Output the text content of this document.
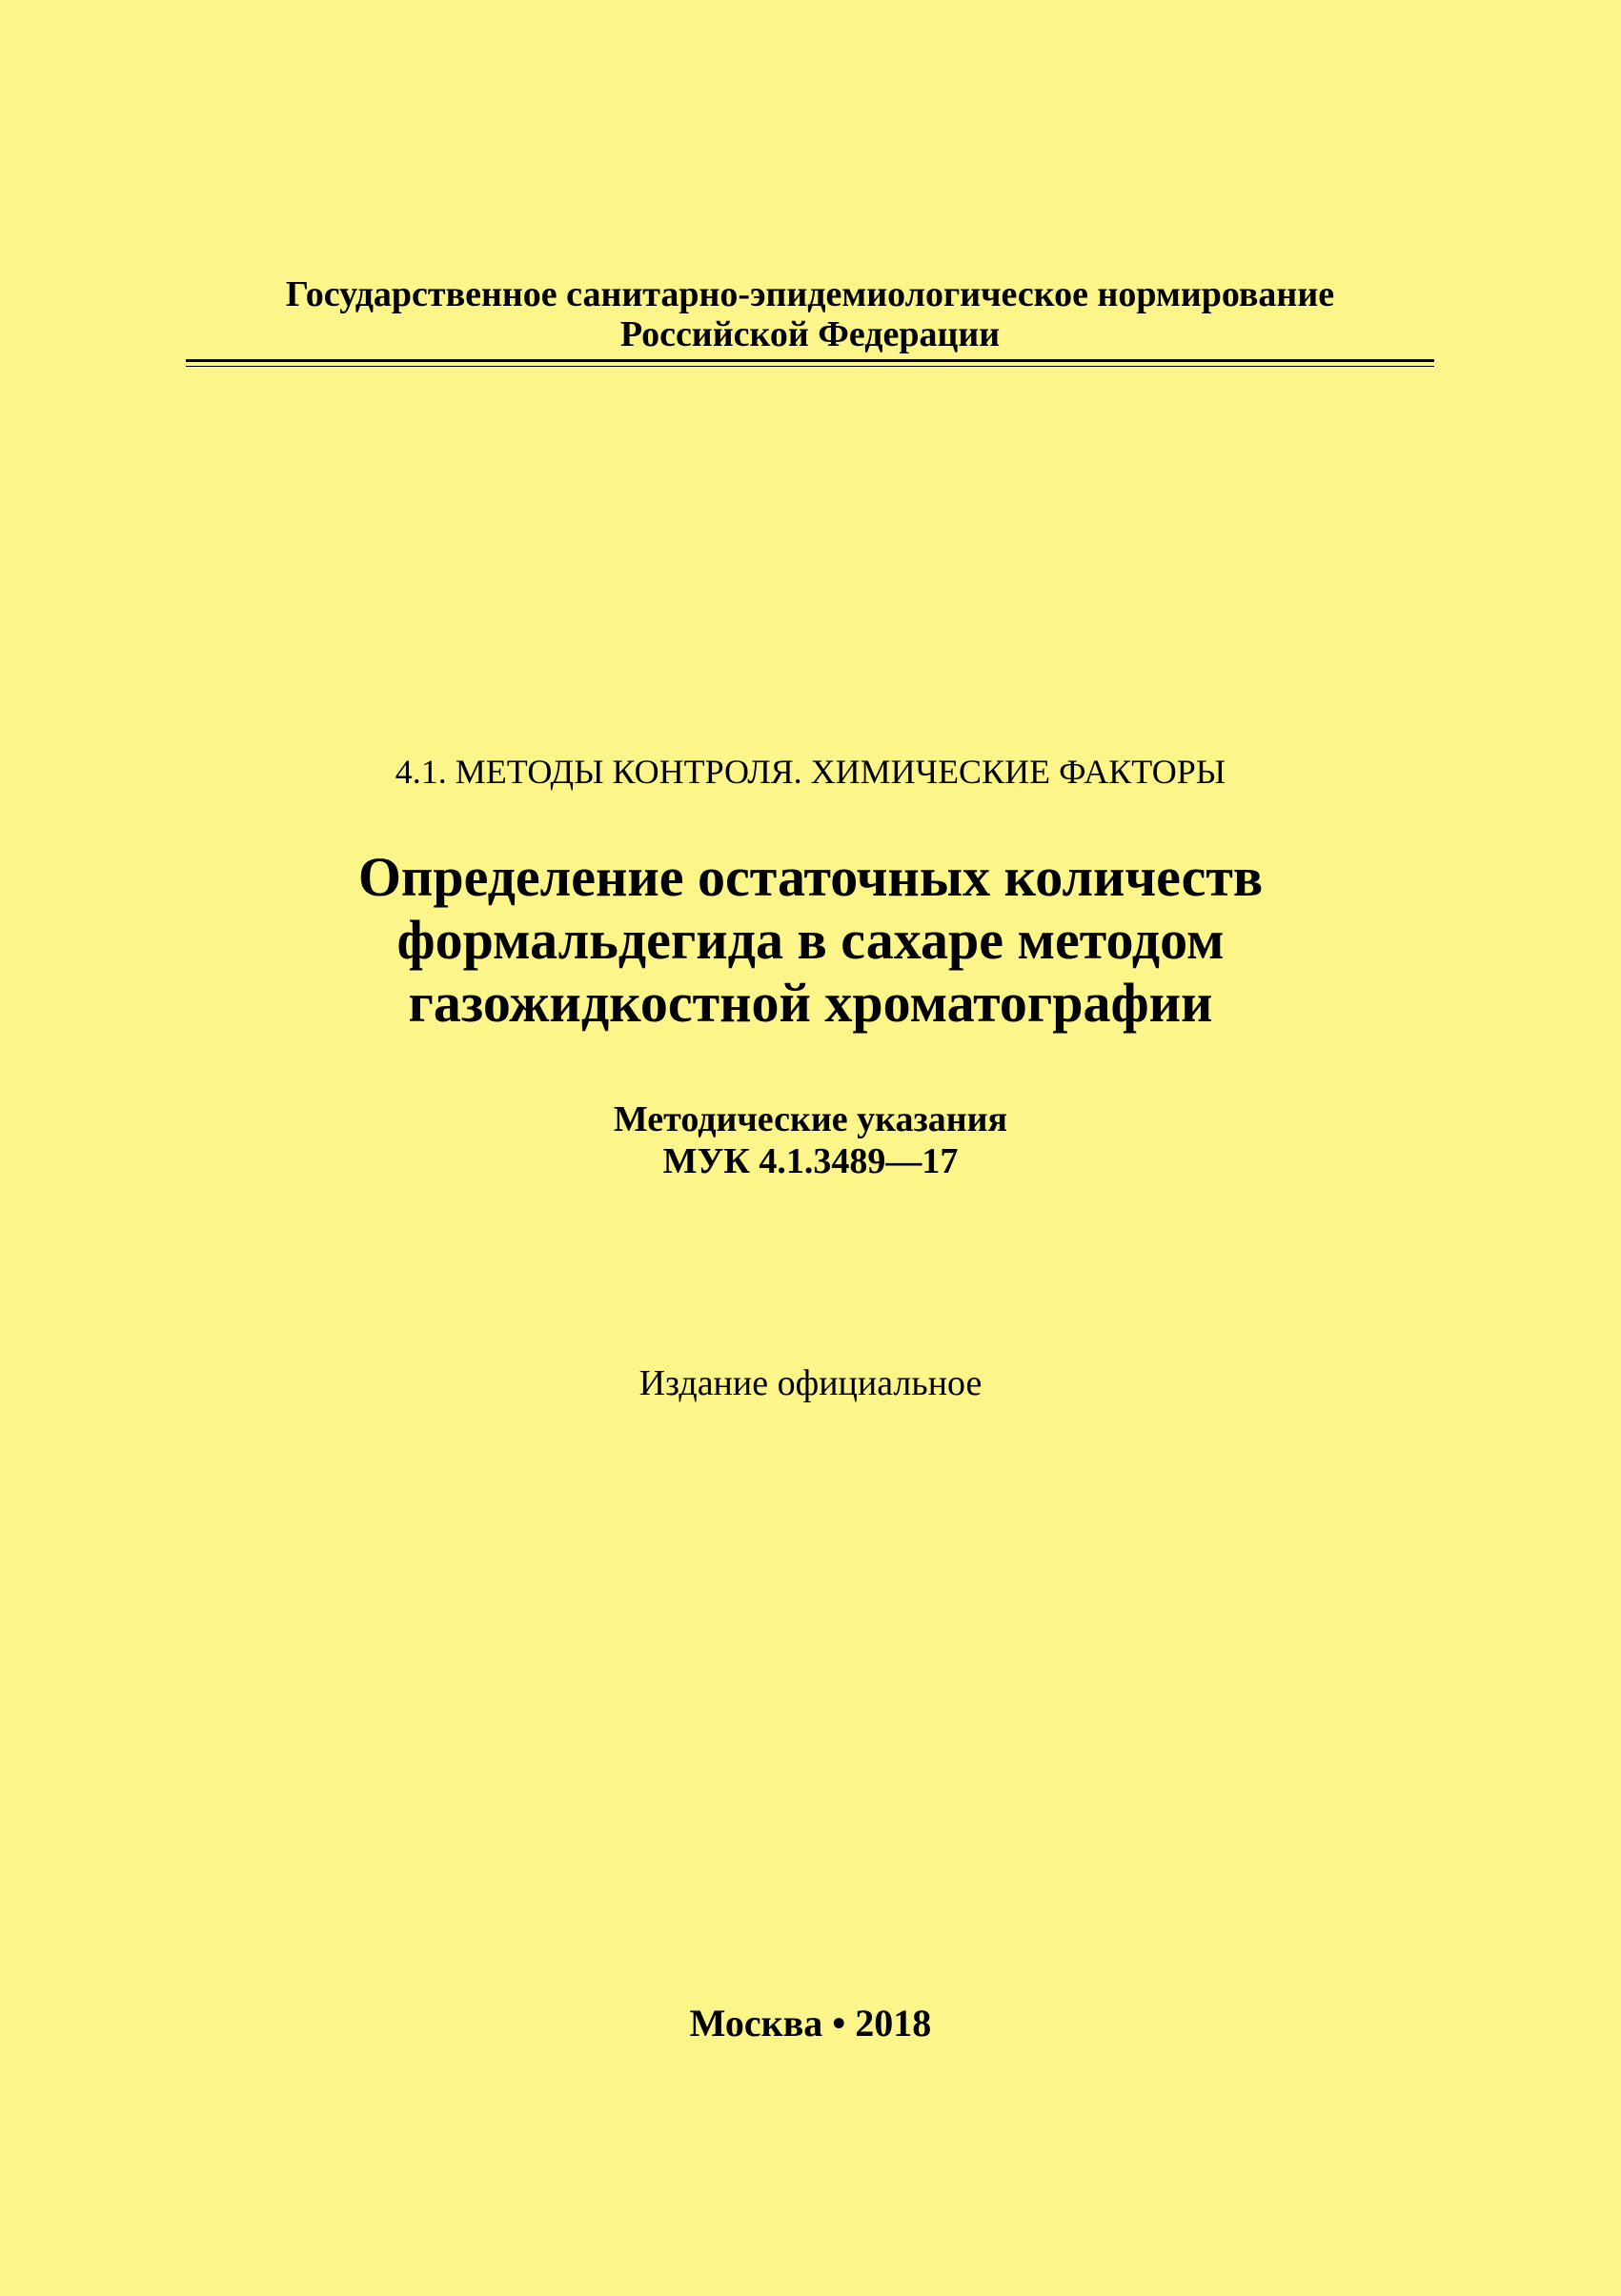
Государственное санитарно-эпидемиологическое нормирование
Российской Федерации
4.1. МЕТОДЫ КОНТРОЛЯ. ХИМИЧЕСКИЕ ФАКТОРЫ
Определение остаточных количеств
формальдегида в сахаре методом
газожидкостной хроматографии
Методические указания
МУК 4.1.3489—17
Издание официальное
Москва • 2018
